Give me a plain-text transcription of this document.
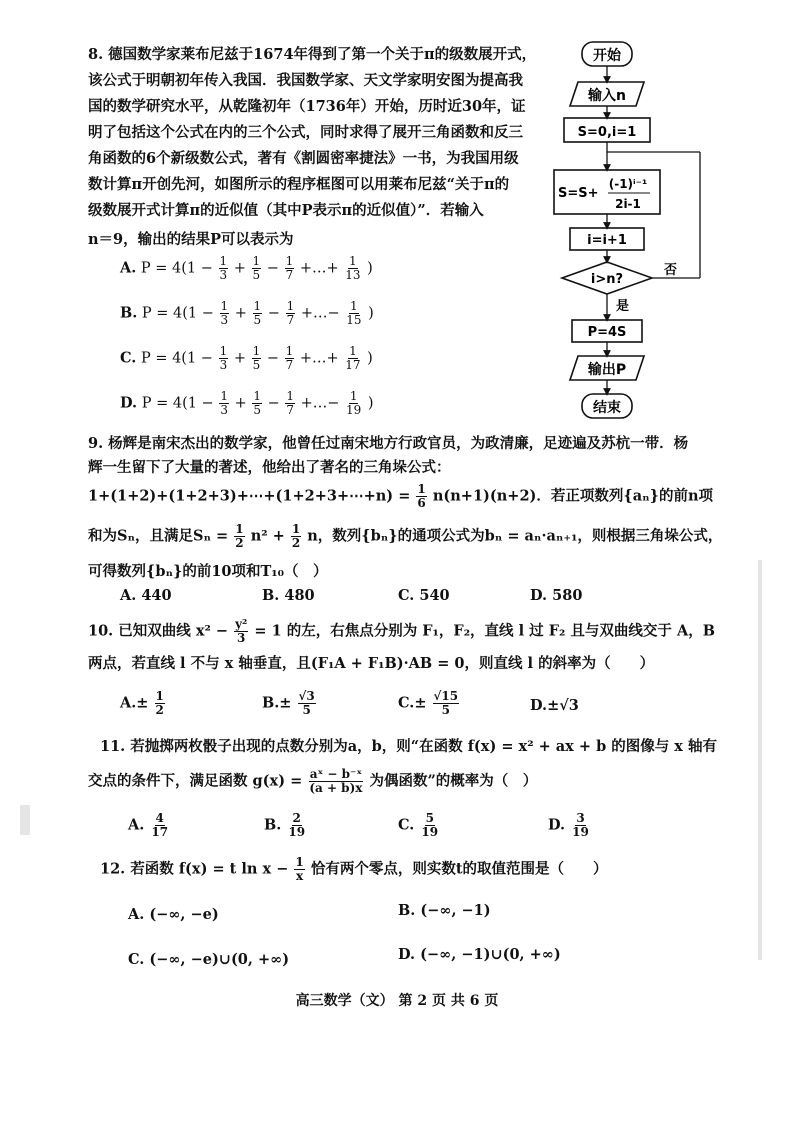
8. 德国数学家莱布尼兹于1674年得到了第一个关于π的级数展开式，
该公式于明朝初年传入我国．我国数学家、天文学家明安图为提高我
国的数学研究水平，从乾隆初年（1736年）开始，历时近30年，证
明了包括这个公式在内的三个公式，同时求得了展开三角函数和反三
角函数的6个新级数公式，著有《割圆密率捷法》一书，为我国用级
数计算π开创先河，如图所示的程序框图可以用莱布尼兹“关于π的
级数展开式计算π的近似值（其中P表示π的近似值）”．若输入
n＝9，输出的结果P可以表示为
A. $P = 4(1 - \frac{1}{3} + \frac{1}{5} - \frac{1}{7}$ +…+ $\frac{1}{13}$ )
B. $P = 4(1 - \frac{1}{3} + \frac{1}{5} - \frac{1}{7}$ +…− $\frac{1}{15}$ )
C. $P = 4(1 - \frac{1}{3} + \frac{1}{5} - \frac{1}{7}$ +…+ $\frac{1}{17}$ )
D. $P = 4(1 - \frac{1}{3} + \frac{1}{5} - \frac{1}{7}$ +…− $\frac{1}{19}$ )
开始
输入n
S=0,i=1
S=S+
(-1)ⁱ⁻¹
2i-1
i=i+1
i>n?
否
是
P=4S
输出P
结束
9. 杨辉是南宋杰出的数学家，他曾任过南宋地方行政官员，为政清廉，足迹遍及苏杭一带．杨
辉一生留下了大量的著述，他给出了著名的三角垛公式：
1+(1+2)+(1+2+3)+⋯+(1+2+3+⋯+n) = $\frac{1}{6} n(n+1)(n+2)$．若正项数列{aₙ}的前n项
和为Sₙ，且满足$S_n = \frac{1}{2} n^2 + \frac{1}{2}$ n，数列{bₙ}的通项公式为bₙ = aₙ·aₙ₊₁，则根据三角垛公式，
可得数列{bₙ}的前10项和T₁₀（　）
A. 440	B. 480	C. 540	D. 580
10. 已知双曲线 $x^2 - \frac{\text{y²}}{3} = 1$ 的左，右焦点分别为 F₁，F₂，直线 l 过 F₂ 且与双曲线交于 A，B
两点，若直线 l 不与 x 轴垂直，且(F₁A + F₁B)·AB = 0，则直线 l 的斜率为（　　）
$A.\pm \frac{1}{2}$	$B.\pm \frac{√3}{5}$	$C.\pm \frac{√15}{5}$	D.±√3
11. 若抛掷两枚骰子出现的点数分别为a，b，则“在函数 f(x) = x² + ax + b 的图像与 x 轴有
交点的条件下，满足函数 $g(x) = \frac{\text{aˣ − b⁻ˣ}}{(a + b)x}$ 为偶函数”的概率为（　）
A. $\frac{4}{17}$	B. $\frac{2}{19}$	C. $\frac{5}{19}$	D. $\frac{3}{19}$
12. 若函数 f(x) = t $\ln x - \frac{1}{x}$ 恰有两个零点，则实数t的取值范围是（　　）
A. (−∞, −e)	B. (−∞, −1)
C. (−∞, −e)∪(0, +∞)	D. (−∞, −1)∪(0, +∞)
高三数学（文） 第 2 页 共 6 页
